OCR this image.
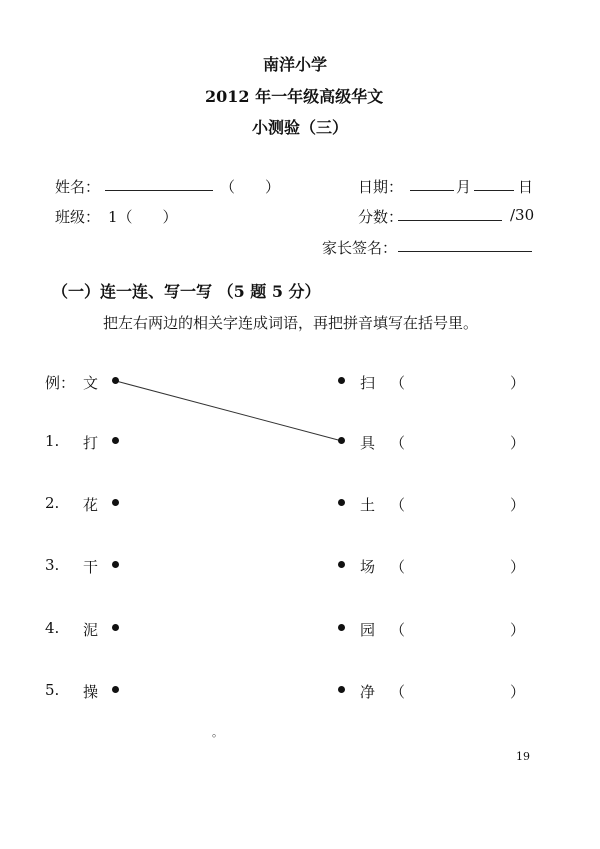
南洋小学
2012 年一年级高级华文
小测验（三）
姓名：	（　　）	日期：	月	日
班级： 1（　　）	分数：	/30
家长签名：
（一）连一连、写一写 （5 题 5 分）
把左右两边的相关字连成词语，再把拼音填写在括号里。
例： 文	扫 （	）
1. 打	具 （	）
2. 花	土 （	）
3. 干	场 （	）
4. 泥	园 （	）
5. 操	净 （	）
。
19
